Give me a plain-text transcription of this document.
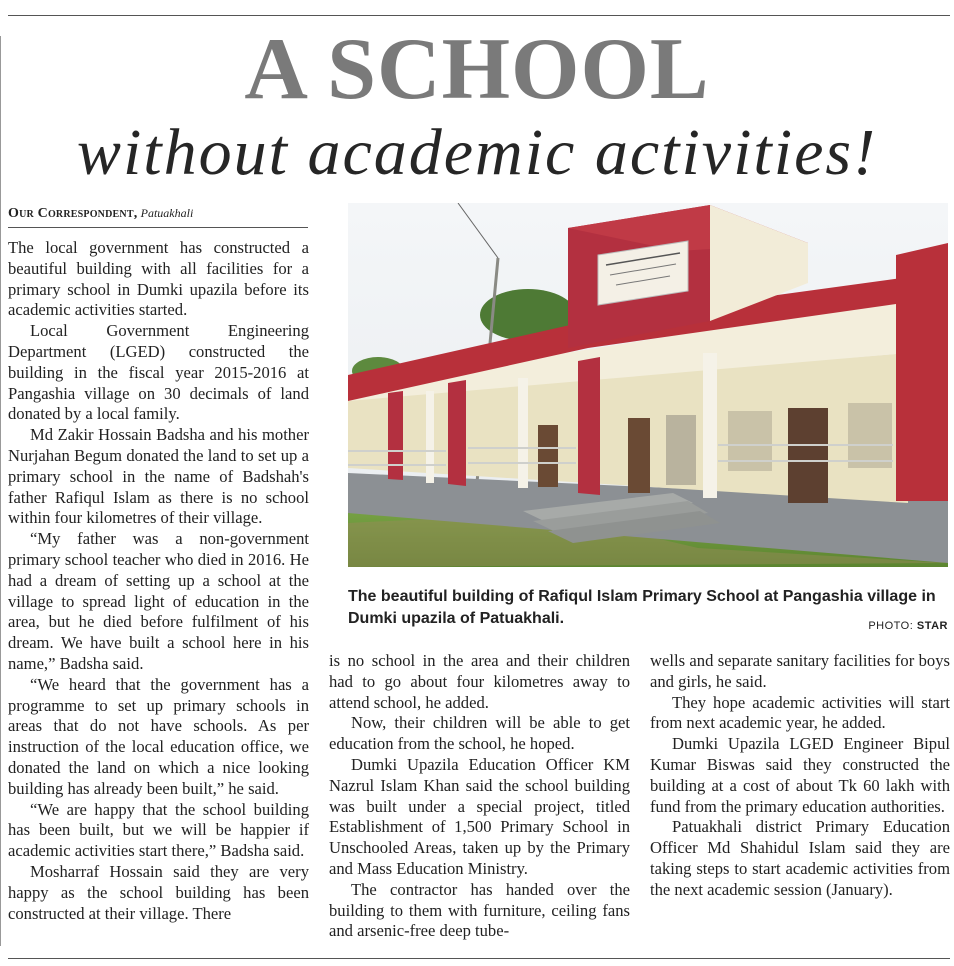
A SCHOOL
without academic activities!
Our Correspondent, Patuakhali

The local government has constructed a beautiful building with all facilities for a primary school in Dumki upazila before its academic activities started.

Local Government Engineering Department (LGED) constructed the building in the fiscal year 2015-2016 at Pangashia village on 30 decimals of land donated by a local family.

Md Zakir Hossain Badsha and his mother Nurjahan Begum donated the land to set up a primary school in the name of Badshah's father Rafiqul Islam as there is no school within four kilometres of their village.

“My father was a non-government primary school teacher who died in 2016. He had a dream of setting up a school at the village to spread light of education in the area, but he died before fulfilment of his dream. We have built a school here in his name,” Badsha said.

“We heard that the government has a programme to set up primary schools in areas that do not have schools. As per instruction of the local education office, we donated the land on which a nice looking building has already been built,” he said.

“We are happy that the school building has been built, but we will be happier if academic activities start there,” Badsha said.

Mosharraf Hossain said they are very happy as the school building has been constructed at their village. There

The beautiful building of Rafiqul Islam Primary School at Pangashia village in Dumki upazila of Patuakhali.	PHOTO: STAR

is no school in the area and their children had to go about four kilometres away to attend school, he added.

Now, their children will be able to get education from the school, he hoped.

Dumki Upazila Education Officer KM Nazrul Islam Khan said the school building was built under a special project, titled Establishment of 1,500 Primary School in Unschooled Areas, taken up by the Primary and Mass Education Ministry.

The contractor has handed over the building to them with furniture, ceiling fans and arsenic-free deep tube-

wells and separate sanitary facilities for boys and girls, he said.

They hope academic activities will start from next academic year, he added.

Dumki Upazila LGED Engineer Bipul Kumar Biswas said they constructed the building at a cost of about Tk 60 lakh with fund from the primary education authorities.

Patuakhali district Primary Education Officer Md Shahidul Islam said they are taking steps to start academic activities from the next academic session (January).
